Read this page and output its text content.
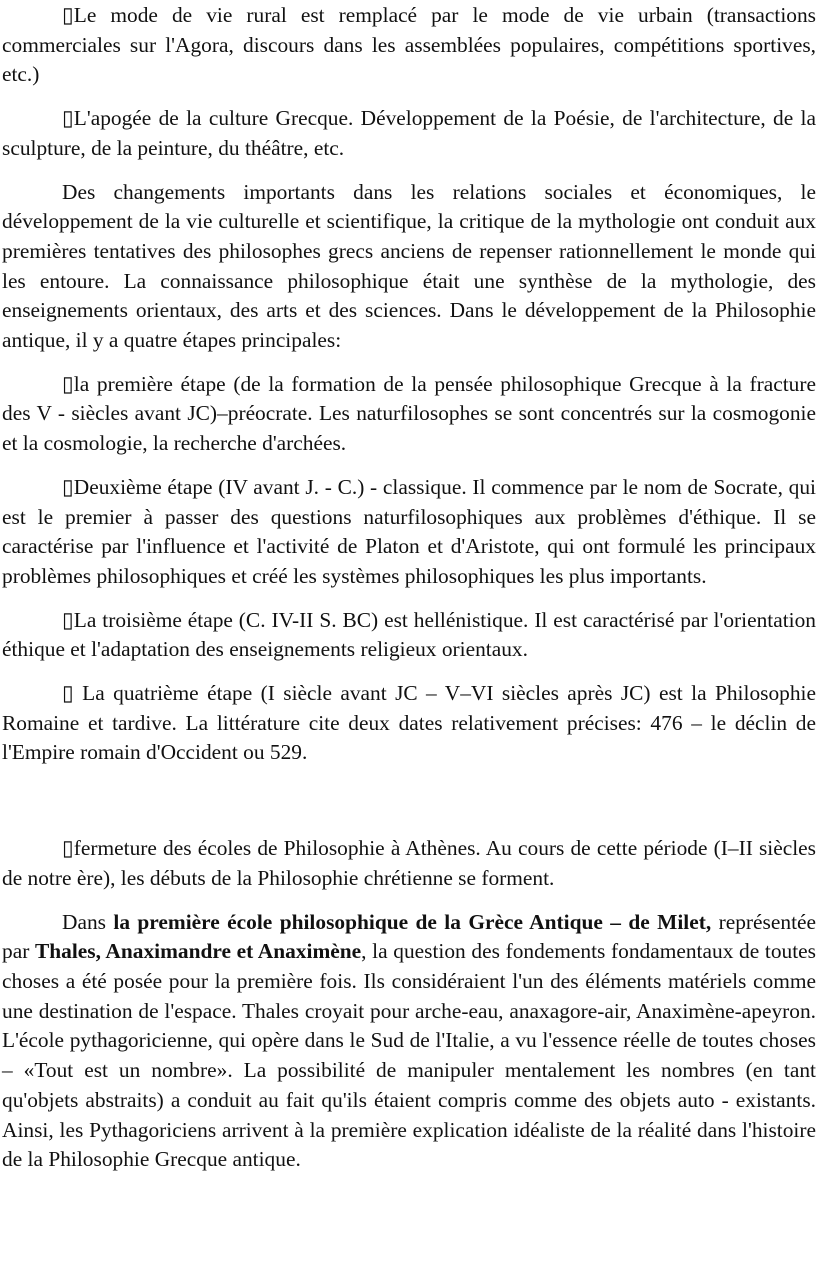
▯Le mode de vie rural est remplacé par le mode de vie urbain (transactions commerciales sur l'Agora, discours dans les assemblées populaires, compétitions sportives, etc.)

▯L'apogée de la culture Grecque. Développement de la Poésie, de l'architecture, de la sculpture, de la peinture, du théâtre, etc.

Des changements importants dans les relations sociales et économiques, le développement de la vie culturelle et scientifique, la critique de la mythologie ont conduit aux premières tentatives des philosophes grecs anciens de repenser rationnellement le monde qui les entoure. La connaissance philosophique était une synthèse de la mythologie, des enseignements orientaux, des arts et des sciences. Dans le développement de la Philosophie antique, il y a quatre étapes principales:

▯la première étape (de la formation de la pensée philosophique Grecque à la fracture des V - siècles avant JC)–préocrate. Les naturfilosophes se sont concentrés sur la cosmogonie et la cosmologie, la recherche d'archées.

▯Deuxième étape (IV avant J. - C.) - classique. Il commence par le nom de Socrate, qui est le premier à passer des questions naturfilosophiques aux problèmes d'éthique. Il se caractérise par l'influence et l'activité de Platon et d'Aristote, qui ont formulé les principaux problèmes philosophiques et créé les systèmes philosophiques les plus importants.

▯La troisième étape (C. IV-II S. BC) est hellénistique. Il est caractérisé par l'orientation éthique et l'adaptation des enseignements religieux orientaux.

▯ La quatrième étape (I siècle avant JC – V–VI siècles après JC) est la Philosophie Romaine et tardive. La littérature cite deux dates relativement précises: 476 – le déclin de l'Empire romain d'Occident ou 529.

▯fermeture des écoles de Philosophie à Athènes. Au cours de cette période (I–II siècles de notre ère), les débuts de la Philosophie chrétienne se forment.

Dans la première école philosophique de la Grèce Antique – de Milet, représentée par Thales, Anaximandre et Anaximène, la question des fondements fondamentaux de toutes choses a été posée pour la première fois. Ils considéraient l'un des éléments matériels comme une destination de l'espace. Thales croyait pour arche-eau, anaxagore-air, Anaximène-apeyron. L'école pythagoricienne, qui opère dans le Sud de l'Italie, a vu l'essence réelle de toutes choses – «Tout est un nombre». La possibilité de manipuler mentalement les nombres (en tant qu'objets abstraits) a conduit au fait qu'ils étaient compris comme des objets auto - existants. Ainsi, les Pythagoriciens arrivent à la première explication idéaliste de la réalité dans l'histoire de la Philosophie Grecque antique.
